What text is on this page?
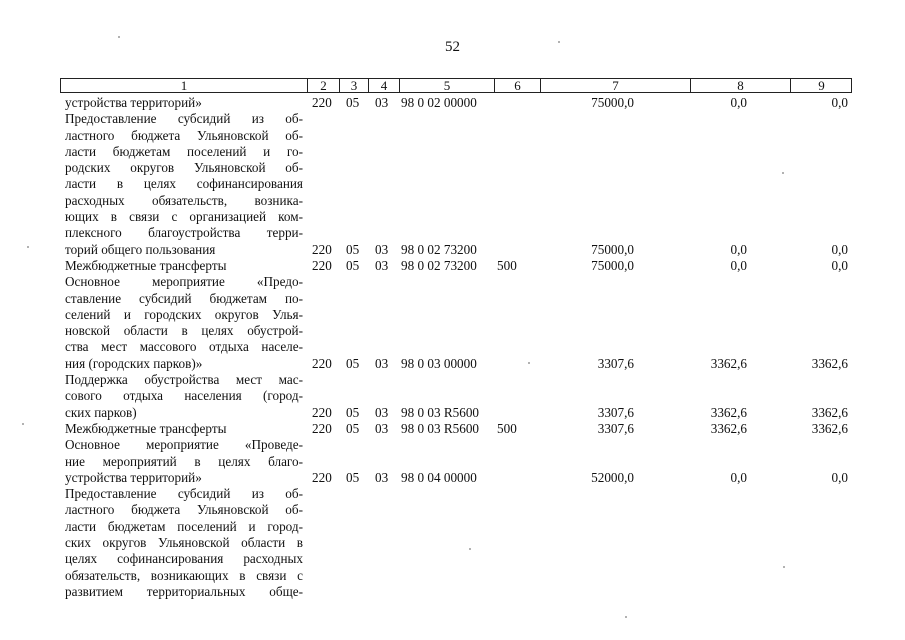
52
1	2	3	4	5	6	7	8	9
устройства территорий»	220 05 03 98 0 02 00000	75000,0	0,0	0,0
Предоставление субсидий из об-
ластного бюджета Ульяновской об-
ласти бюджетам поселений и го-
родских округов Ульяновской об-
ласти в целях софинансирования
расходных обязательств, возника-
ющих в связи с организацией ком-
плексного благоустройства терри-
торий общего пользования	220 05 03 98 0 02 73200	75000,0	0,0	0,0
Межбюджетные трансферты	220 05 03 98 0 02 73200 500	75000,0	0,0	0,0
Основное мероприятие «Предо-
ставление субсидий бюджетам по-
селений и городских округов Улья-
новской области в целях обустрой-
ства мест массового отдыха населе-
ния (городских парков)»	220 05 03 98 0 03 00000	3307,6	3362,6	3362,6
Поддержка обустройства мест мас-
сового отдыха населения (город-
ских парков)	220 05 03 98 0 03 R5600	3307,6	3362,6	3362,6
Межбюджетные трансферты	220 05 03 98 0 03 R5600 500	3307,6	3362,6	3362,6
Основное мероприятие «Проведе-
ние мероприятий в целях благо-
устройства территорий»	220 05 03 98 0 04 00000	52000,0	0,0	0,0
Предоставление субсидий из об-
ластного бюджета Ульяновской об-
ласти бюджетам поселений и город-
ских округов Ульяновской области в
целях софинансирования расходных
обязательств, возникающих в связи с
развитием территориальных обще-
